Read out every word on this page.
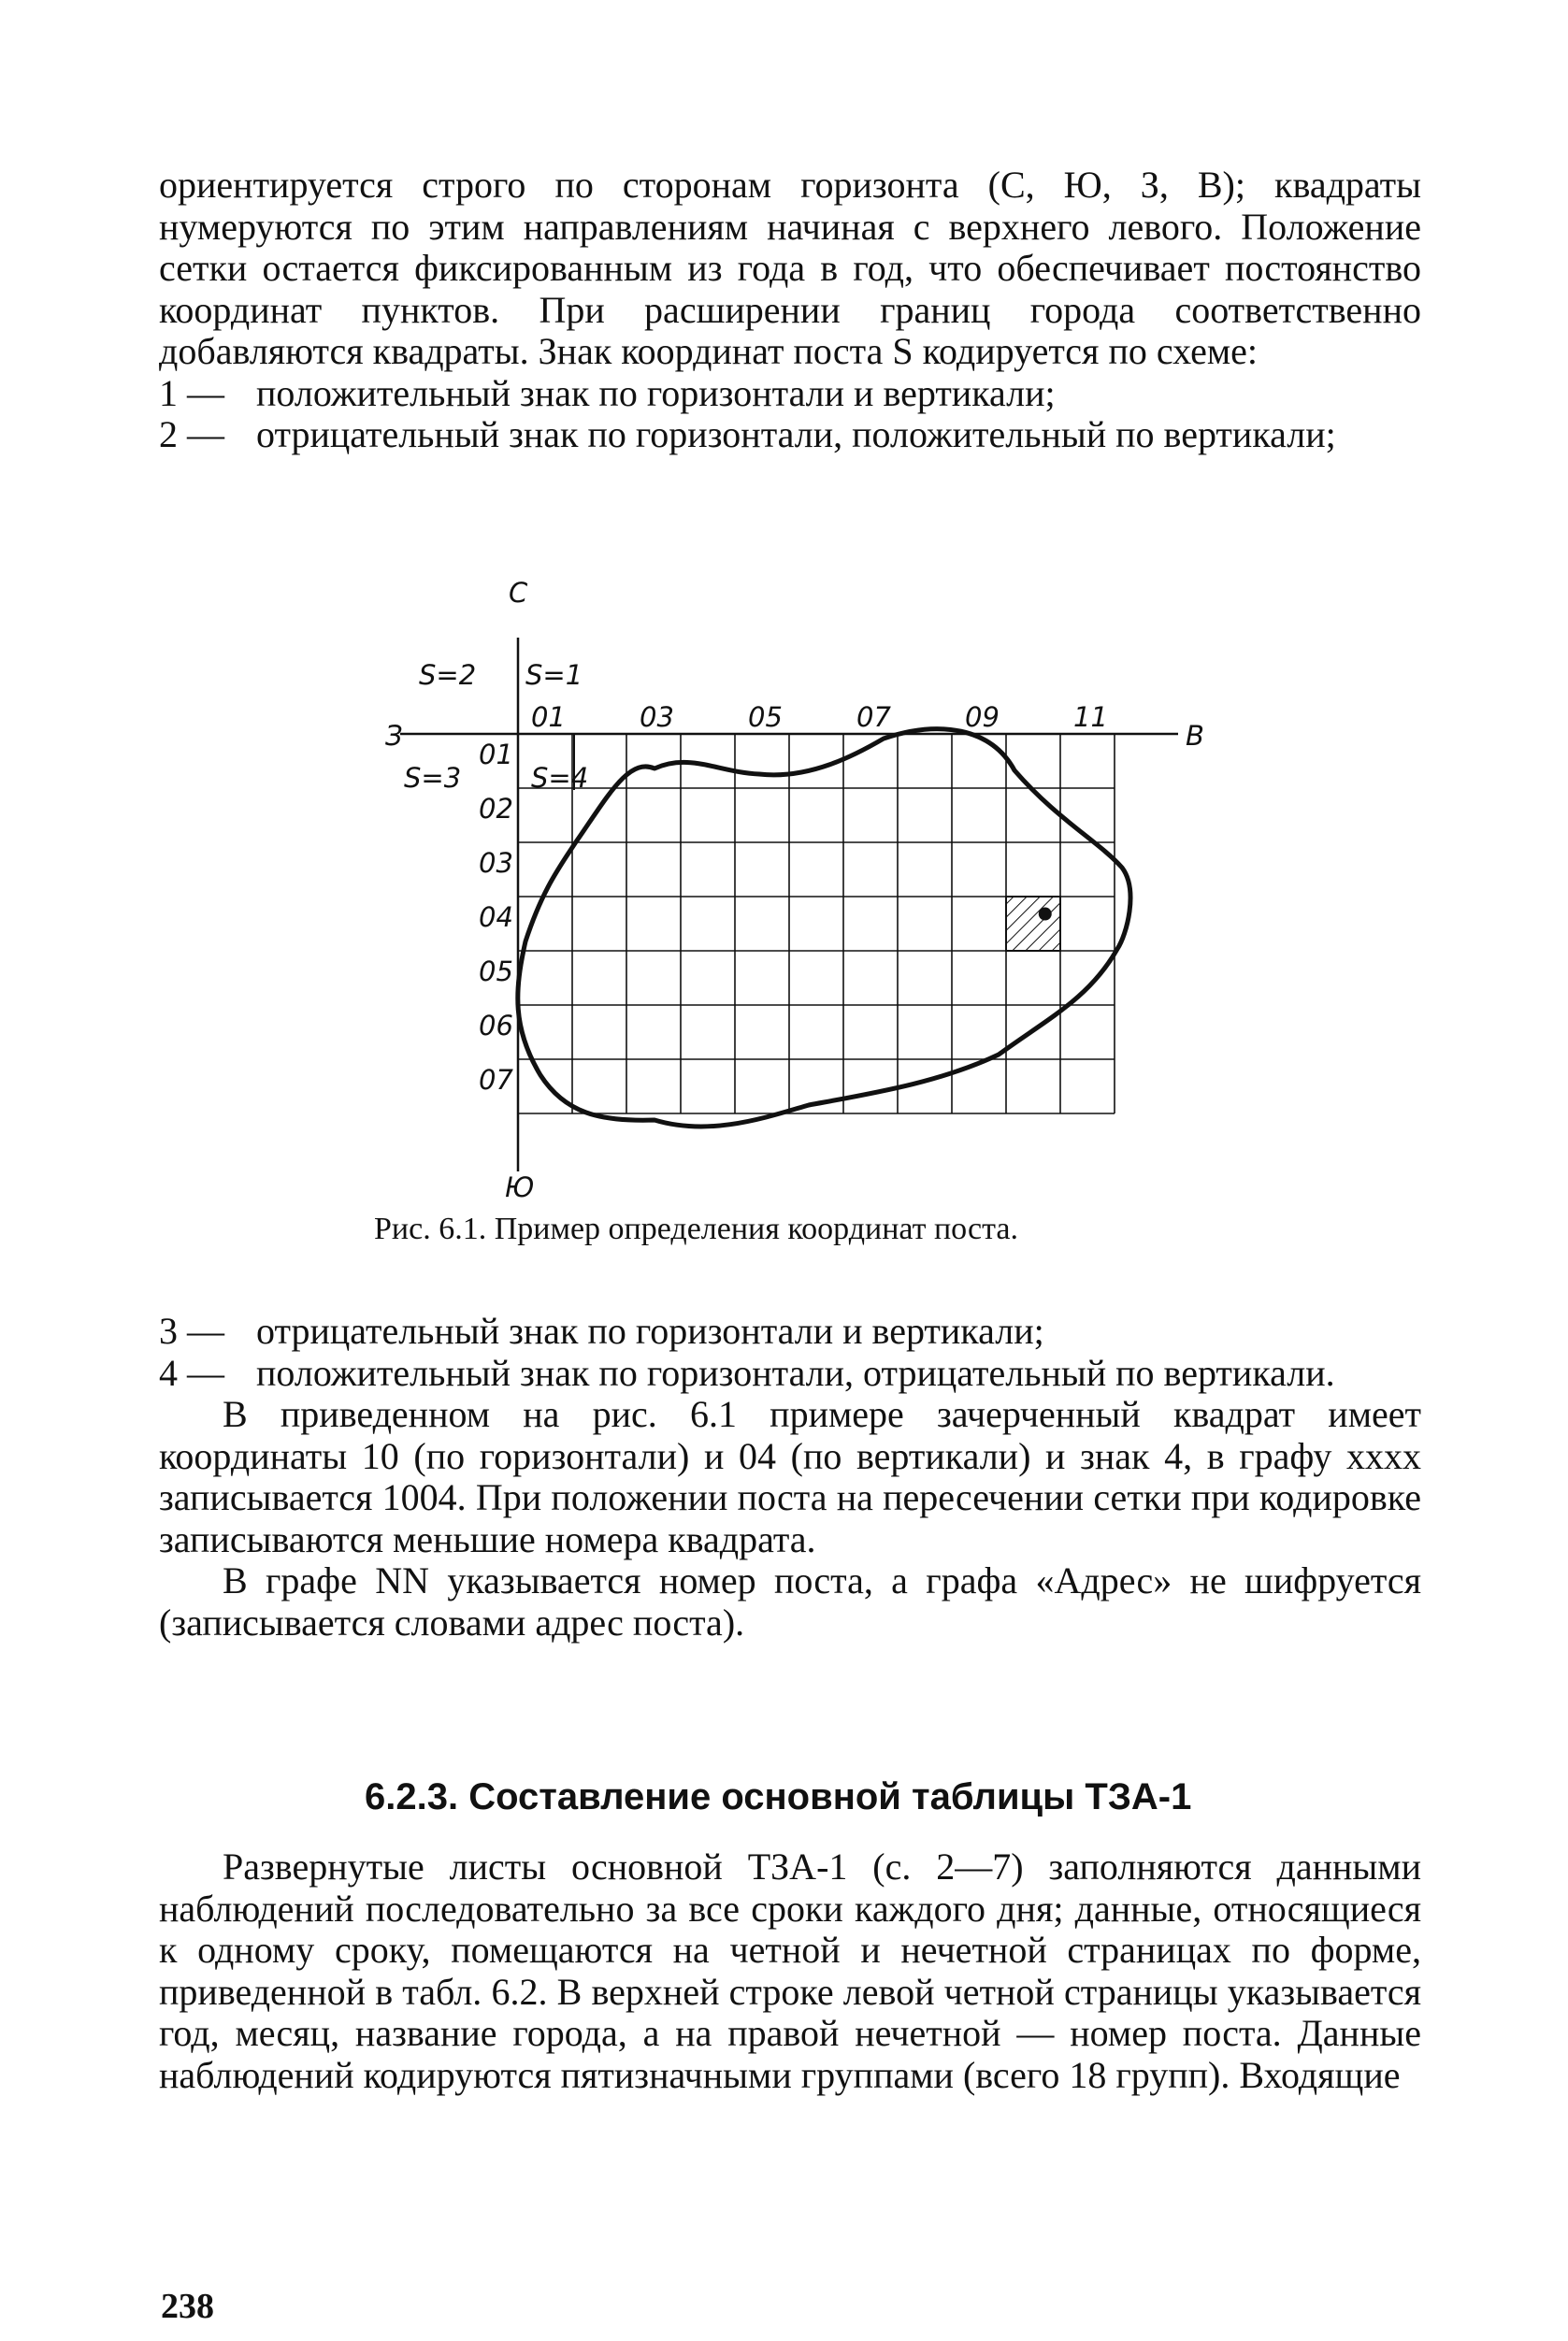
ориентируется строго по сторонам горизонта (С, Ю, З, В); квадраты нумеруются по этим направлениям начиная с верхнего левого. Положение сетки остается фиксированным из года в год, что обеспечивает постоянство координат пунктов. При расширении границ города соответственно добавляются квадраты. Знак координат поста S кодируется по схеме:

1 — положительный знак по горизонтали и вертикали;
2 — отрицательный знак по горизонтали, положительный по вертикали;
С
Ю
З	В
S=2 S=1
S=3	S=4
01	03	05	07	09	11
01
02
03
04
05
06
07
Рис. 6.1. Пример определения координат поста.
3 — отрицательный знак по горизонтали и вертикали;
4 — положительный знак по горизонтали, отрицательный по вертикали.

В приведенном на рис. 6.1 примере зачерченный квадрат имеет координаты 10 (по горизонтали) и 04 (по вертикали) и знак 4, в графу хххх записывается 1004. При положении поста на пересечении сетки при кодировке записываются меньшие номера квадрата.

В графе NN указывается номер поста, а графа «Адрес» не шифруется (записывается словами адрес поста).

6.2.3. Составление основной таблицы ТЗА-1

Развернутые листы основной ТЗА-1 (с. 2—7) заполняются данными наблюдений последовательно за все сроки каждого дня; данные, относящиеся к одному сроку, помещаются на четной и нечетной страницах по форме, приведенной в табл. 6.2. В верхней строке левой четной страницы указывается год, месяц, название города, а на правой нечетной — номер поста. Данные наблюдений кодируются пятизначными группами (всего 18 групп). Входящие

238
